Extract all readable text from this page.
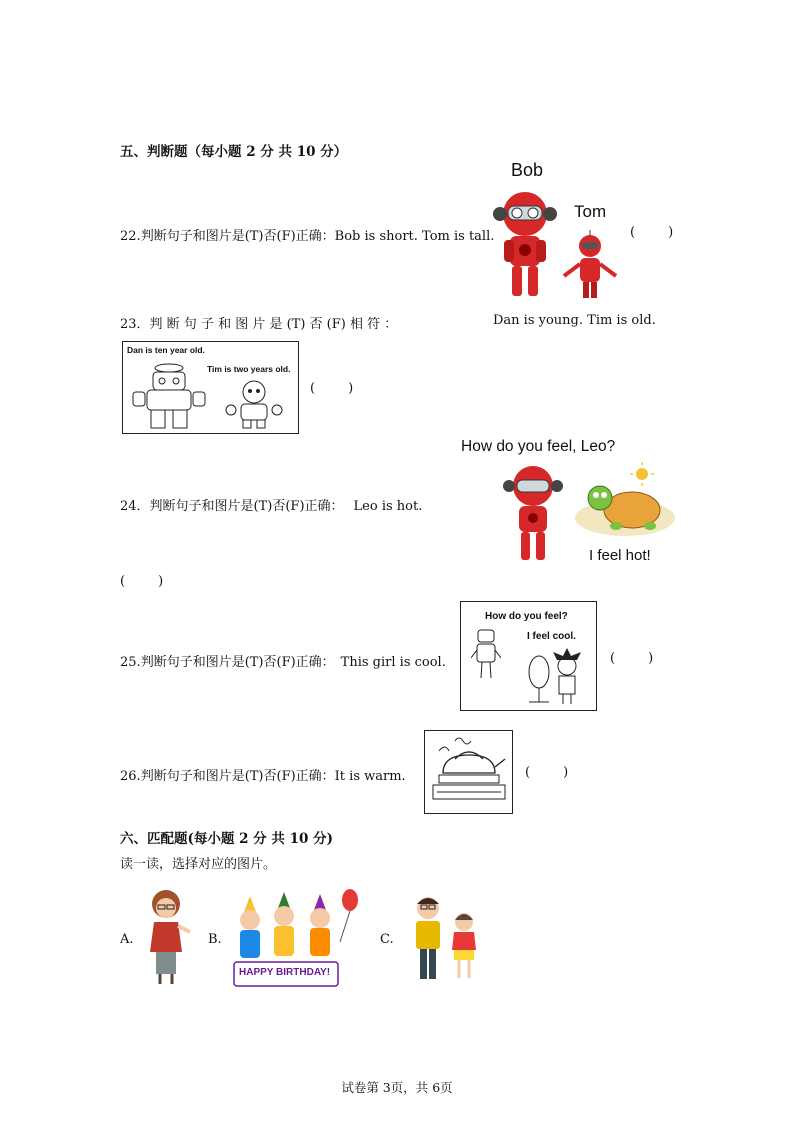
五、判断题（每小题 2 分 共 10 分）
22.判断句子和图片是(T)否(F)正确：Bob is short. Tom is tall.
Bob
Tom
(        )
23．判 断 句 子 和 图 片 是 (T) 否 (F) 相 符 ：	Dan is young. Tim is old.
Dan is ten year old.
Tim is two years old.
(        )
How do you feel, Leo?
24．判断句子和图片是(T)否(F)正确： Leo is hot.
I feel hot!
(        )
25.判断句子和图片是(T)否(F)正确： This girl is cool.
How do you feel?
I feel cool.
(        )
26.判断句子和图片是(T)否(F)正确：It is warm.	(        )
六、匹配题(每小题 2 分 共 10 分)
读一读，选择对应的图片。
A.	B.
HAPPY BIRTHDAY!
C.
试卷第 3页，共 6页
